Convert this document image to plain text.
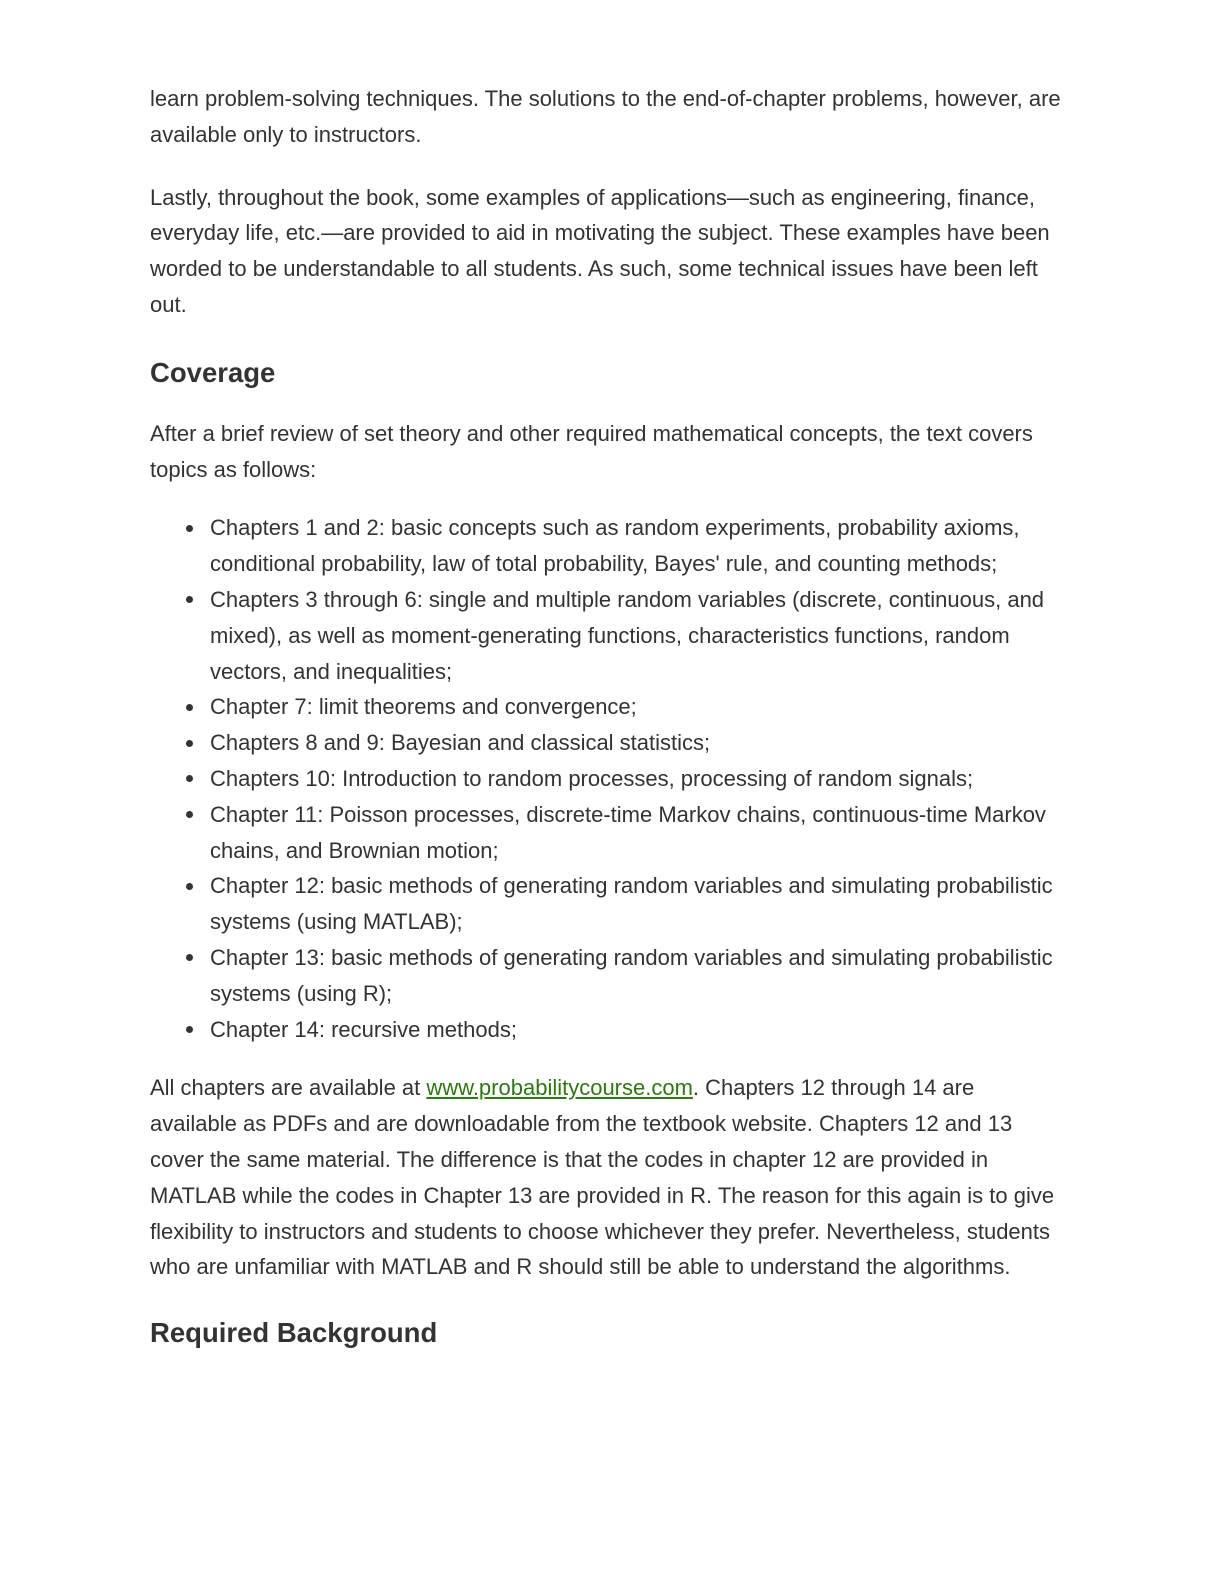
learn problem-solving techniques. The solutions to the end-of-chapter problems, however, are available only to instructors.

Lastly, throughout the book, some examples of applications—such as engineering, finance, everyday life, etc.—are provided to aid in motivating the subject. These examples have been worded to be understandable to all students. As such, some technical issues have been left out.

Coverage

After a brief review of set theory and other required mathematical concepts, the text covers topics as follows:

Chapters 1 and 2: basic concepts such as random experiments, probability axioms, conditional probability, law of total probability, Bayes' rule, and counting methods;
Chapters 3 through 6: single and multiple random variables (discrete, continuous, and mixed), as well as moment-generating functions, characteristics functions, random vectors, and inequalities;
Chapter 7: limit theorems and convergence;
Chapters 8 and 9: Bayesian and classical statistics;
Chapters 10: Introduction to random processes, processing of random signals;
Chapter 11: Poisson processes, discrete-time Markov chains, continuous-time Markov chains, and Brownian motion;
Chapter 12: basic methods of generating random variables and simulating probabilistic systems (using MATLAB);
Chapter 13: basic methods of generating random variables and simulating probabilistic systems (using R);
Chapter 14: recursive methods;

All chapters are available at www.probabilitycourse.com. Chapters 12 through 14 are available as PDFs and are downloadable from the textbook website. Chapters 12 and 13 cover the same material. The difference is that the codes in chapter 12 are provided in MATLAB while the codes in Chapter 13 are provided in R. The reason for this again is to give flexibility to instructors and students to choose whichever they prefer. Nevertheless, students who are unfamiliar with MATLAB and R should still be able to understand the algorithms.

Required Background
